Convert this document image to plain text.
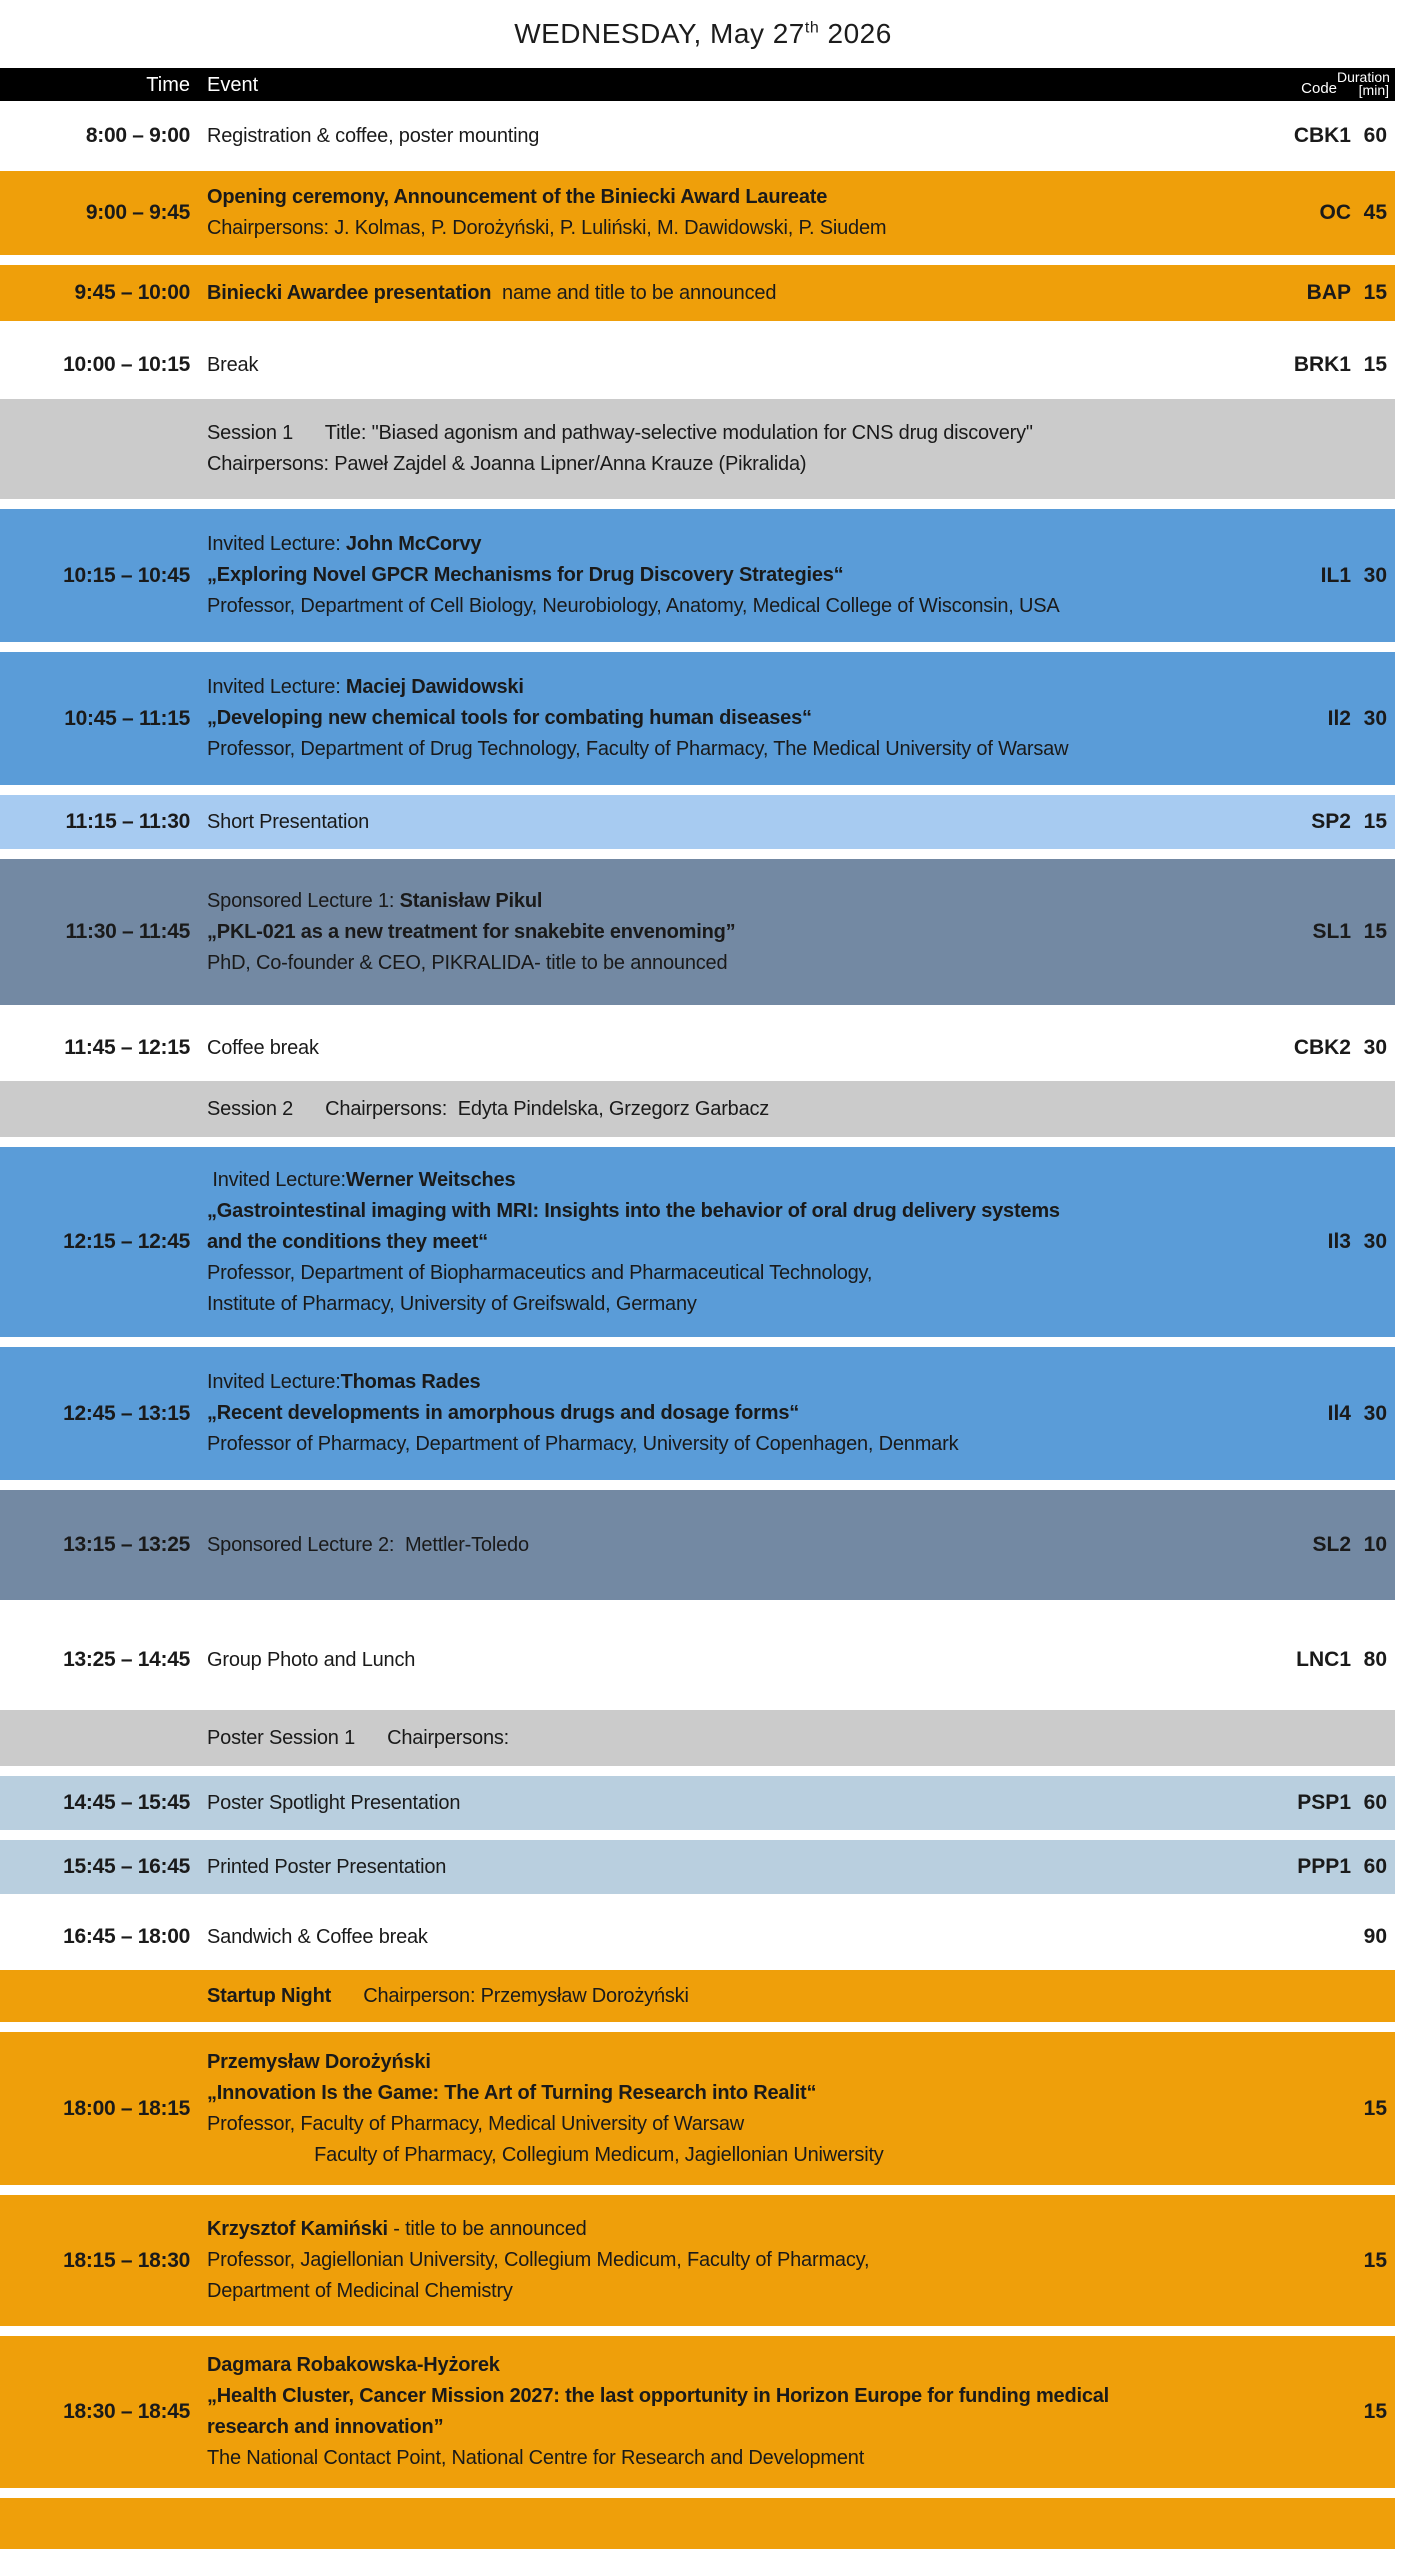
WEDNESDAY, May 27th 2026
Time Event	Code
Duration
[min]
8:00 – 9:00 Registration & coffee, poster mounting	CBK1 60
9:00 – 9:45
Opening ceremony, Announcement of the Biniecki Award Laureate
Chairpersons: J. Kolmas, P. Dorożyński, P. Luliński, M. Dawidowski, P. Siudem
OC 45
9:45 – 10:00 Biniecki Awardee presentation  name and title to be announced	BAP 15
10:00 – 10:15 Break	BRK1 15
Session 1      Title: "Biased agonism and pathway-selective modulation for CNS drug discovery"
Chairpersons: Paweł Zajdel & Joanna Lipner/Anna Krauze (Pikralida)
10:15 – 10:45
Invited Lecture: John McCorvy
„Exploring Novel GPCR Mechanisms for Drug Discovery Strategies“
Professor, Department of Cell Biology, Neurobiology, Anatomy, Medical College of Wisconsin, USA
IL1 30
10:45 – 11:15
Invited Lecture: Maciej Dawidowski
„Developing new chemical tools for combating human diseases“
Professor, Department of Drug Technology, Faculty of Pharmacy, The Medical University of Warsaw
Il2 30
11:15 – 11:30 Short Presentation	SP2 15
11:30 – 11:45
Sponsored Lecture 1: Stanisław Pikul
„PKL-021 as a new treatment for snakebite envenoming”
PhD, Co-founder & CEO, PIKRALIDA- title to be announced
SL1 15
11:45 – 12:15 Coffee break	CBK2 30
Session 2      Chairpersons:  Edyta Pindelska, Grzegorz Garbacz
12:15 – 12:45
Invited Lecture:Werner Weitsches
„Gastrointestinal imaging with MRI: Insights into the behavior of oral drug delivery systems
and the conditions they meet“
Professor, Department of Biopharmaceutics and Pharmaceutical Technology,
Institute of Pharmacy, University of Greifswald, Germany
Il3 30
12:45 – 13:15
Invited Lecture:Thomas Rades
„Recent developments in amorphous drugs and dosage forms“
Professor of Pharmacy, Department of Pharmacy, University of Copenhagen, Denmark
Il4 30
13:15 – 13:25 Sponsored Lecture 2:  Mettler-Toledo	SL2 10
13:25 – 14:45 Group Photo and Lunch	LNC1 80
Poster Session 1      Chairpersons:
14:45 – 15:45 Poster Spotlight Presentation	PSP1 60
15:45 – 16:45 Printed Poster Presentation	PPP1 60
16:45 – 18:00 Sandwich & Coffee break	90
Startup Night      Chairperson: Przemysław Dorożyński
18:00 – 18:15
Przemysław Dorożyński
„Innovation Is the Game: The Art of Turning Research into Realit“
Professor, Faculty of Pharmacy, Medical University of Warsaw
Faculty of Pharmacy, Collegium Medicum, Jagiellonian Uniwersity
15
18:15 – 18:30
Krzysztof Kamiński - title to be announced
Professor, Jagiellonian University, Collegium Medicum, Faculty of Pharmacy,
Department of Medicinal Chemistry
15
18:30 – 18:45
Dagmara Robakowska-Hyżorek
„Health Cluster, Cancer Mission 2027: the last opportunity in Horizon Europe for funding medical
research and innovation”
The National Contact Point, National Centre for Research and Development
15
